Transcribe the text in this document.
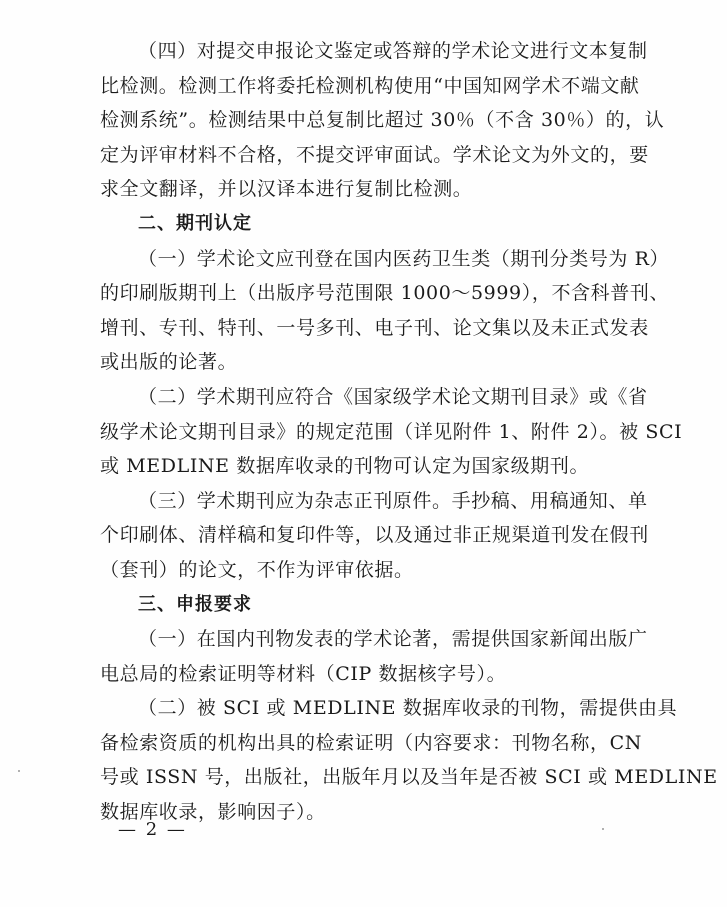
（四）对提交申报论文鉴定或答辩的学术论文进行文本复制
比检测。检测工作将委托检测机构使用“中国知网学术不端文献
检测系统”。检测结果中总复制比超过 30％（不含 30％）的，认
定为评审材料不合格，不提交评审面试。学术论文为外文的，要
求全文翻译，并以汉译本进行复制比检测。
二、期刊认定
（一）学术论文应刊登在国内医药卫生类（期刊分类号为 R）
的印刷版期刊上（出版序号范围限 1000～5999），不含科普刊、
增刊、专刊、特刊、一号多刊、电子刊、论文集以及未正式发表
或出版的论著。
（二）学术期刊应符合《国家级学术论文期刊目录》或《省
级学术论文期刊目录》的规定范围（详见附件 1、附件 2）。被 SCI
或 MEDLINE 数据库收录的刊物可认定为国家级期刊。
（三）学术期刊应为杂志正刊原件。手抄稿、用稿通知、单
个印刷体、清样稿和复印件等，以及通过非正规渠道刊发在假刊
（套刊）的论文，不作为评审依据。
三、申报要求
（一）在国内刊物发表的学术论著，需提供国家新闻出版广
电总局的检索证明等材料（CIP 数据核字号）。
（二）被 SCI 或 MEDLINE 数据库收录的刊物，需提供由具
备检索资质的机构出具的检索证明（内容要求：刊物名称，CN
号或 ISSN 号，出版社，出版年月以及当年是否被 SCI 或 MEDLINE
数据库收录，影响因子）。
— 2 —
